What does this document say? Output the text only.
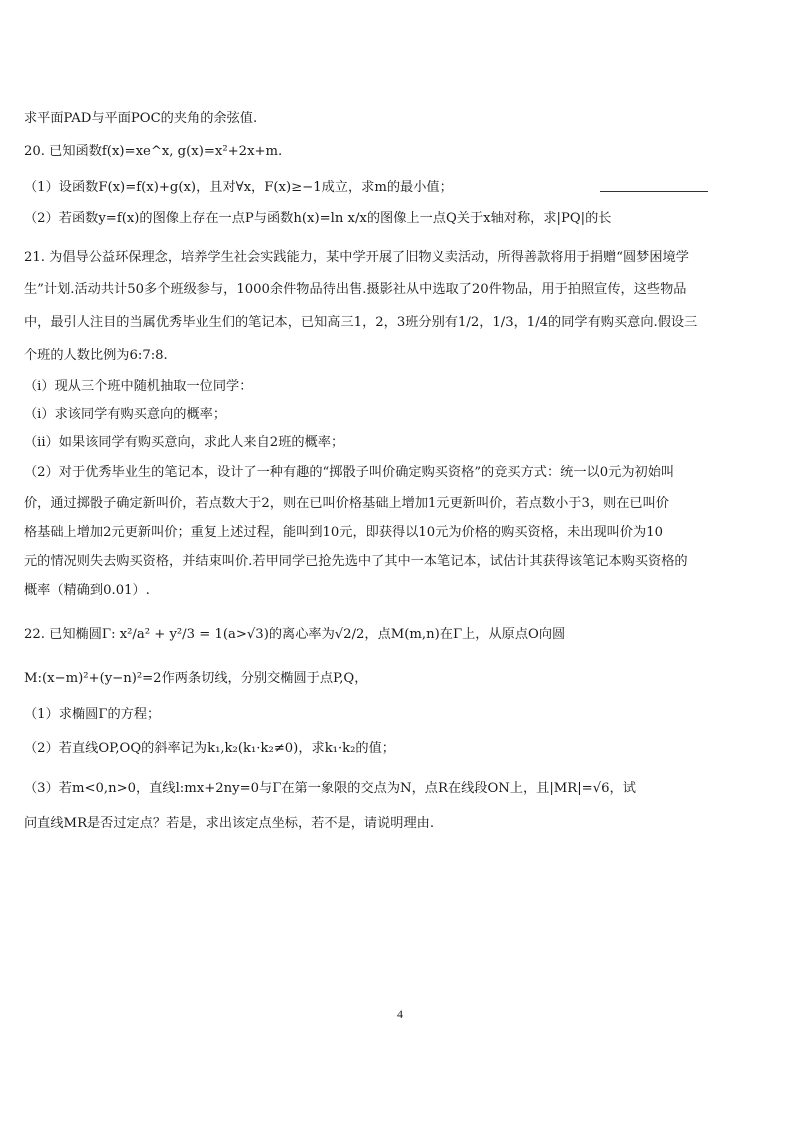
求平面PAD与平面POC的夹角的余弦值.
20. 已知函数f(x)=xe^x, g(x)=x²+2x+m.
（1）设函数F(x)=f(x)+g(x)，且对∀x，F(x)≥−1成立，求m的最小值；
（2）若函数y=f(x)的图像上存在一点P与函数h(x)=ln x/x的图像上一点Q关于x轴对称，求|PQ|的长
21. 为倡导公益环保理念，培养学生社会实践能力，某中学开展了旧物义卖活动，所得善款将用于捐赠“圆梦困境学
生”计划.活动共计50多个班级参与，1000余件物品待出售.摄影社从中选取了20件物品，用于拍照宣传，这些物品
中，最引人注目的当属优秀毕业生们的笔记本，已知高三1，2，3班分别有1/2，1/3，1/4的同学有购买意向.假设三
个班的人数比例为6:7:8.
（i）现从三个班中随机抽取一位同学：
（i）求该同学有购买意向的概率；
（ii）如果该同学有购买意向，求此人来自2班的概率；
（2）对于优秀毕业生的笔记本，设计了一种有趣的“掷骰子叫价确定购买资格”的竞买方式：统一以0元为初始叫
价，通过掷骰子确定新叫价，若点数大于2，则在已叫价格基础上增加1元更新叫价，若点数小于3，则在已叫价
格基础上增加2元更新叫价；重复上述过程，能叫到10元，即获得以10元为价格的购买资格，未出现叫价为10
元的情况则失去购买资格，并结束叫价.若甲同学已抢先选中了其中一本笔记本，试估计其获得该笔记本购买资格的
概率（精确到0.01）.
22. 已知椭圆Γ: x²/a² + y²/3 = 1(a>√3)的离心率为√2/2，点M(m,n)在Γ上，从原点O向圆
M:(x−m)²+(y−n)²=2作两条切线，分别交椭圆于点P,Q，
（1）求椭圆Γ的方程；
（2）若直线OP,OQ的斜率记为k₁,k₂(k₁·k₂≠0)，求k₁·k₂的值；
（3）若m<0,n>0，直线l:mx+2ny=0与Γ在第一象限的交点为N，点R在线段ON上，且|MR|=√6，试
问直线MR是否过定点？若是，求出该定点坐标，若不是，请说明理由.
4
